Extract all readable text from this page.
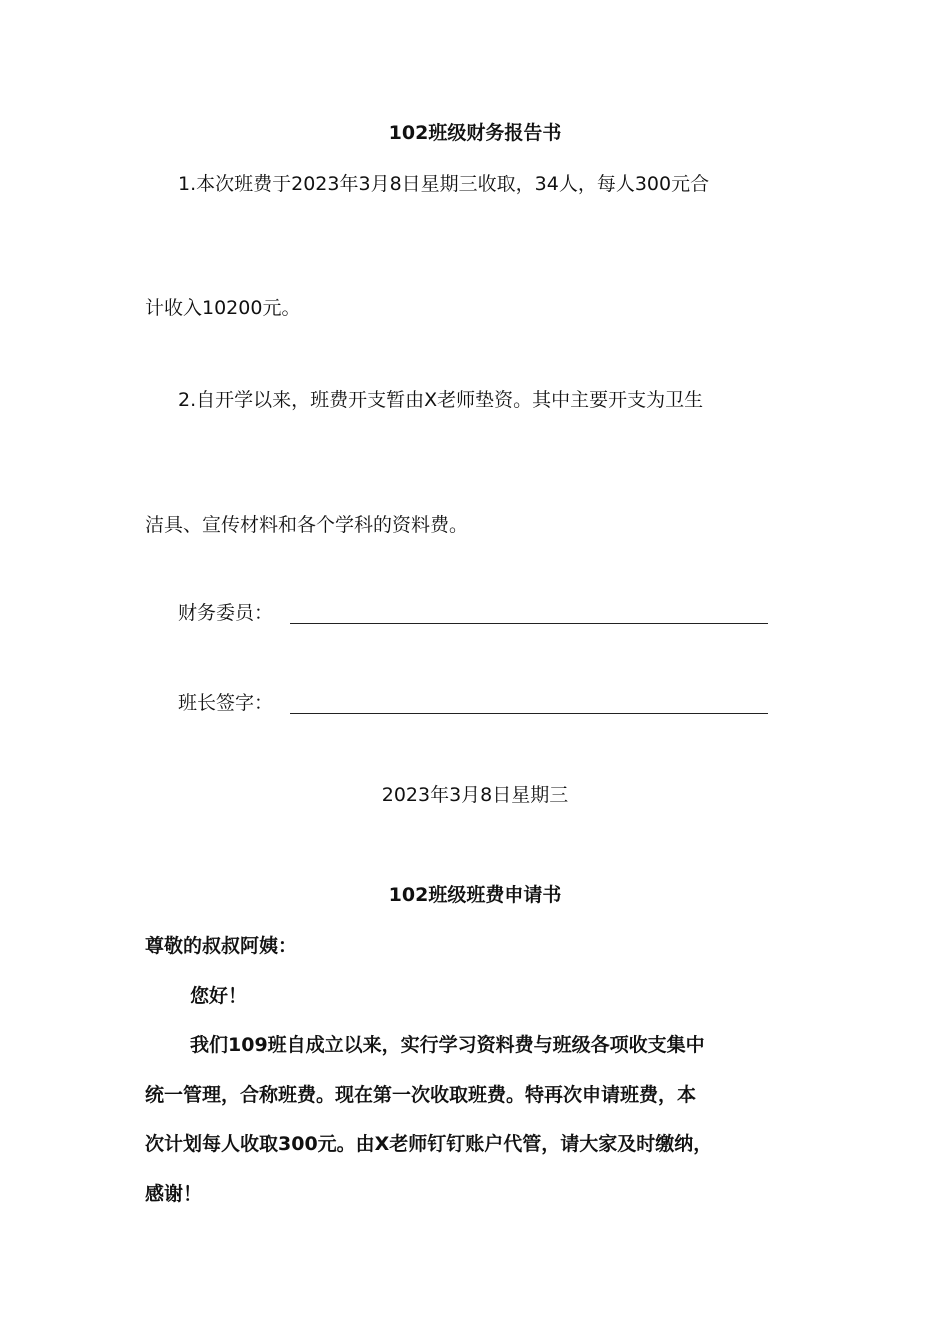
102班级财务报告书
1.本次班费于2023年3月8日星期三收取，34人，每人300元合
计收入10200元。
2.自开学以来，班费开支暂由X老师垫资。其中主要开支为卫生
洁具、宣传材料和各个学科的资料费。
财务委员：
班长签字：
2023年3月8日星期三
102班级班费申请书
尊敬的叔叔阿姨：
您好！
我们109班自成立以来，实行学习资料费与班级各项收支集中
统一管理，合称班费。现在第一次收取班费。特再次申请班费，本
次计划每人收取300元。由X老师钉钉账户代管，请大家及时缴纳，
感谢！
